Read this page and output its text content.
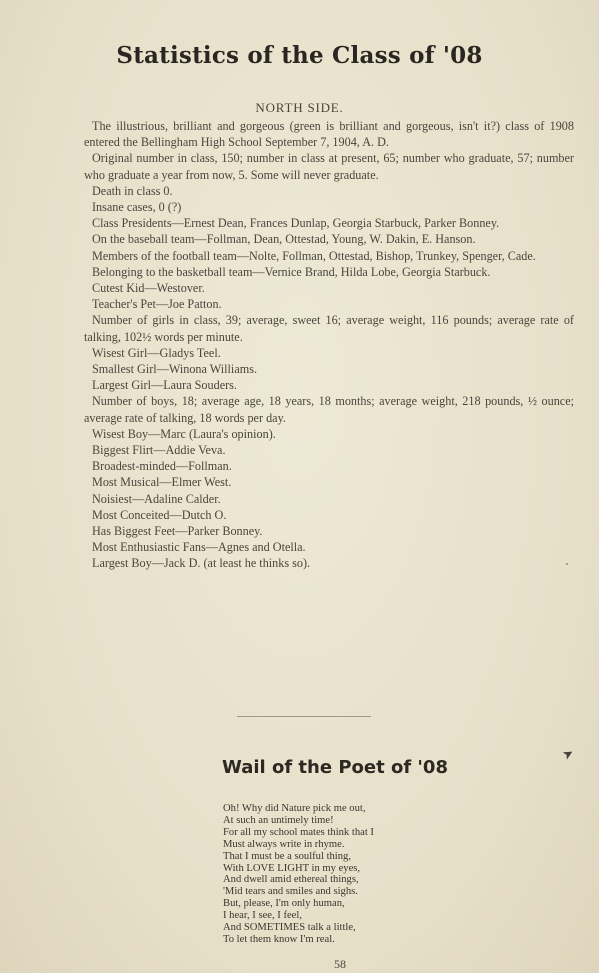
Statistics of the Class of '08
NORTH SIDE.

The illustrious, brilliant and gorgeous (green is brilliant and gorgeous, isn't it?) class of 1908 entered the Bellingham High School September 7, 1904, A. D.

Original number in class, 150; number in class at present, 65; number who graduate, 57; number who graduate a year from now, 5. Some will never graduate.

Death in class 0.

Insane cases, 0 (?)

Class Presidents—Ernest Dean, Frances Dunlap, Georgia Starbuck, Parker Bonney.

On the baseball team—Follman, Dean, Ottestad, Young, W. Dakin, E. Hanson.

Members of the football team—Nolte, Follman, Ottestad, Bishop, Trunkey, Spenger, Cade.

Belonging to the basketball team—Vernice Brand, Hilda Lobe, Georgia Starbuck.

Cutest Kid—Westover.

Teacher's Pet—Joe Patton.

Number of girls in class, 39; average, sweet 16; average weight, 116 pounds; average rate of talking, 102½ words per minute.

Wisest Girl—Gladys Teel.

Smallest Girl—Winona Williams.

Largest Girl—Laura Souders.

Number of boys, 18; average age, 18 years, 18 months; average weight, 218 pounds, ½ ounce; average rate of talking, 18 words per day.

Wisest Boy—Marc (Laura's opinion).

Biggest Flirt—Addie Veva.

Broadest-minded—Follman.

Most Musical—Elmer West.

Noisiest—Adaline Calder.

Most Conceited—Dutch O.

Has Biggest Feet—Parker Bonney.

Most Enthusiastic Fans—Agnes and Otella.

Largest Boy—Jack D. (at least he thinks so).

➤
Wail of the Poet of '08
Oh! Why did Nature pick me out,
At such an untimely time!
For all my school mates think that I
Must always write in rhyme.
That I must be a soulful thing,
With LOVE LIGHT in my eyes,
And dwell amid ethereal things,
'Mid tears and smiles and sighs.
But, please, I'm only human,
I hear, I see, I feel,
And SOMETIMES talk a little,
To let them know I'm real.
58
